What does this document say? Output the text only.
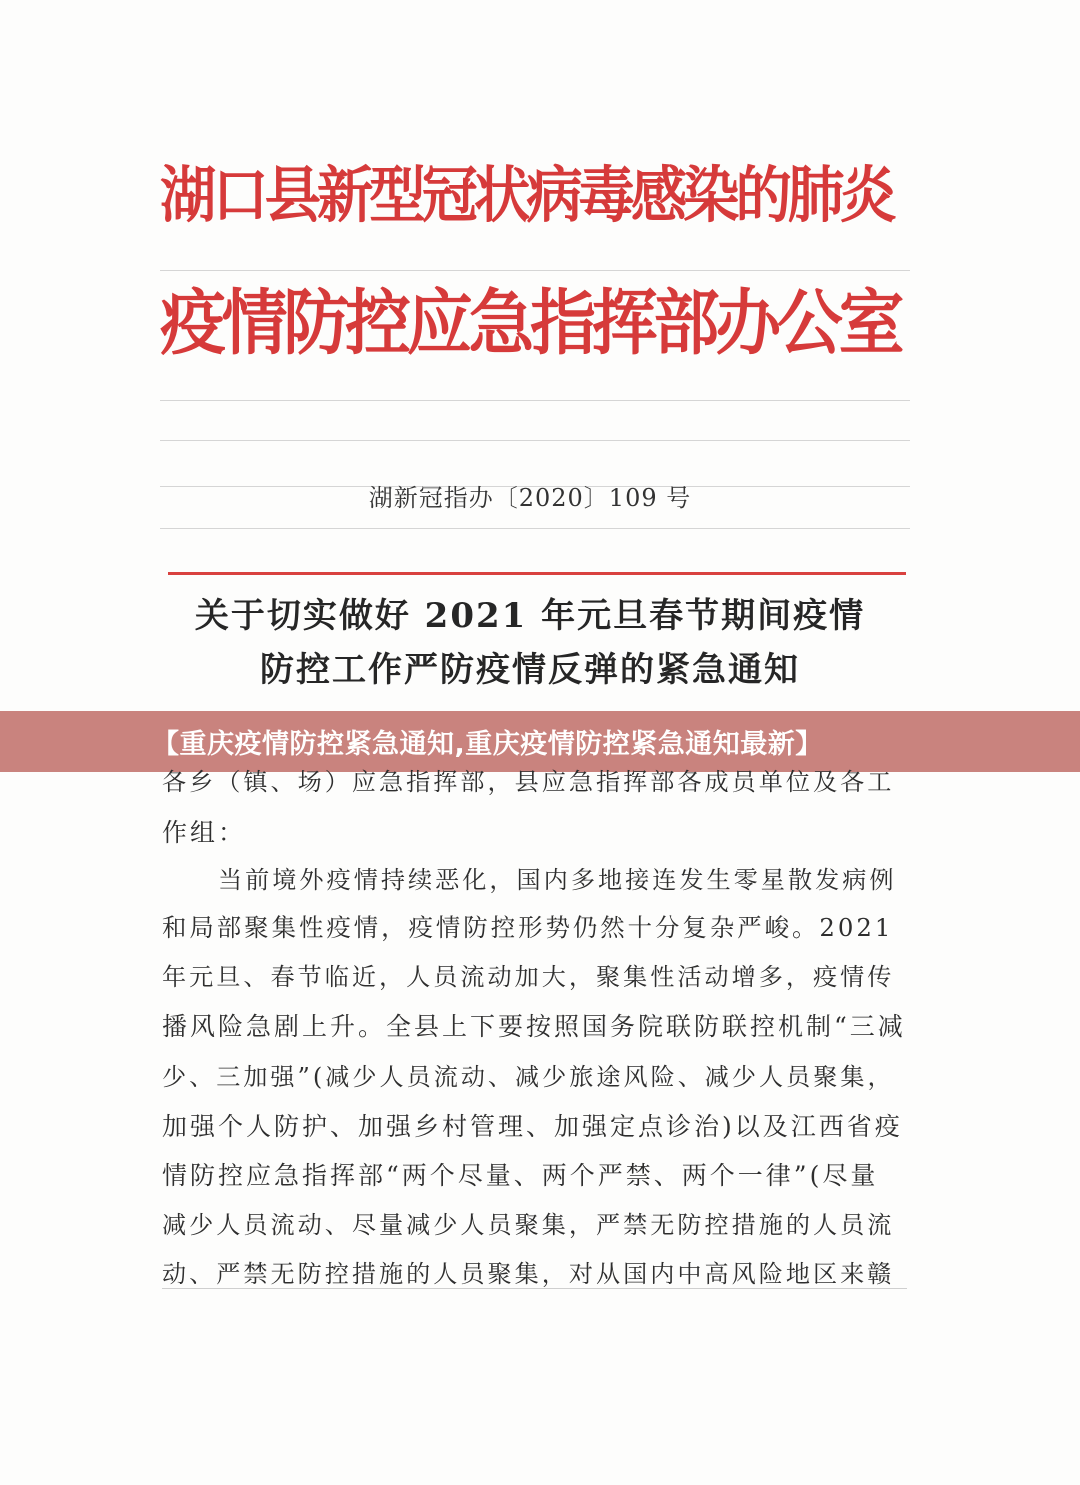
湖口县新型冠状病毒感染的肺炎
疫情防控应急指挥部办公室
湖新冠指办〔2020〕109 号
关于切实做好 2021 年元旦春节期间疫情
防控工作严防疫情反弹的紧急通知
【重庆疫情防控紧急通知,重庆疫情防控紧急通知最新】
各乡（镇、场）应急指挥部，县应急指挥部各成员单位及各工
作组：
当前境外疫情持续恶化，国内多地接连发生零星散发病例
和局部聚集性疫情，疫情防控形势仍然十分复杂严峻。2021
年元旦、春节临近，人员流动加大，聚集性活动增多，疫情传
播风险急剧上升。全县上下要按照国务院联防联控机制“三减
少、三加强”(减少人员流动、减少旅途风险、减少人员聚集，
加强个人防护、加强乡村管理、加强定点诊治)以及江西省疫
情防控应急指挥部“两个尽量、两个严禁、两个一律”(尽量
减少人员流动、尽量减少人员聚集，严禁无防控措施的人员流
动、严禁无防控措施的人员聚集，对从国内中高风险地区来赣
